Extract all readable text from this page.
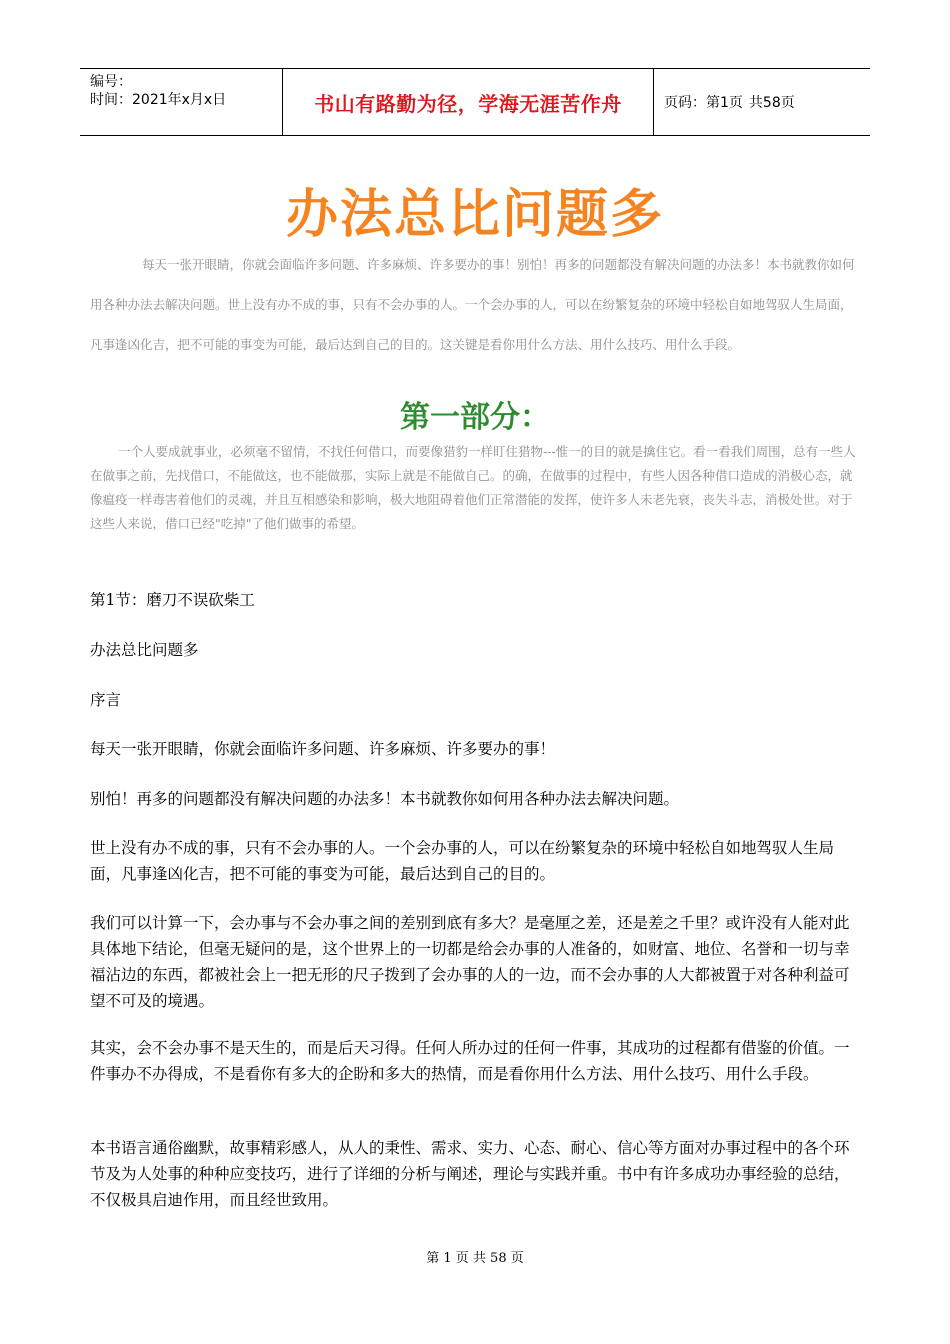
编号：
时间：2021年x月x日	书山有路勤为径，学海无涯苦作舟	页码：第1页 共58页
办法总比问题多
每天一张开眼睛，你就会面临许多问题、许多麻烦、许多要办的事！别怕！再多的问题都没有解决问题的办法多！本书就教你如何用各种办法去解决问题。世上没有办不成的事，只有不会办事的人。一个会办事的人，可以在纷繁复杂的环境中轻松自如地驾驭人生局面，凡事逢凶化吉，把不可能的事变为可能，最后达到自己的目的。这关键是看你用什么方法、用什么技巧、用什么手段。
第一部分：
一个人要成就事业，必须毫不留情，不找任何借口，而要像猎豹一样盯住猎物---惟一的目的就是擒住它。看一看我们周围，总有一些人在做事之前，先找借口，不能做这，也不能做那，实际上就是不能做自己。的确，在做事的过程中，有些人因各种借口造成的消极心态，就像瘟疫一样毒害着他们的灵魂，并且互相感染和影响，极大地阻碍着他们正常潜能的发挥，使许多人未老先衰，丧失斗志，消极处世。对于这些人来说，借口已经"吃掉"了他们做事的希望。
第1节：磨刀不误砍柴工
办法总比问题多
序言
每天一张开眼睛，你就会面临许多问题、许多麻烦、许多要办的事！
别怕！再多的问题都没有解决问题的办法多！本书就教你如何用各种办法去解决问题。
世上没有办不成的事，只有不会办事的人。一个会办事的人，可以在纷繁复杂的环境中轻松自如地驾驭人生局面，凡事逢凶化吉，把不可能的事变为可能，最后达到自己的目的。
我们可以计算一下，会办事与不会办事之间的差别到底有多大？是毫厘之差，还是差之千里？或许没有人能对此具体地下结论，但毫无疑问的是，这个世界上的一切都是给会办事的人准备的，如财富、地位、名誉和一切与幸福沾边的东西，都被社会上一把无形的尺子拨到了会办事的人的一边，而不会办事的人大都被置于对各种利益可望不可及的境遇。
其实，会不会办事不是天生的，而是后天习得。任何人所办过的任何一件事，其成功的过程都有借鉴的价值。一件事办不办得成，不是看你有多大的企盼和多大的热情，而是看你用什么方法、用什么技巧、用什么手段。
本书语言通俗幽默，故事精彩感人，从人的秉性、需求、实力、心态、耐心、信心等方面对办事过程中的各个环节及为人处事的种种应变技巧，进行了详细的分析与阐述，理论与实践并重。书中有许多成功办事经验的总结，不仅极具启迪作用，而且经世致用。
第 1 页 共 58 页
